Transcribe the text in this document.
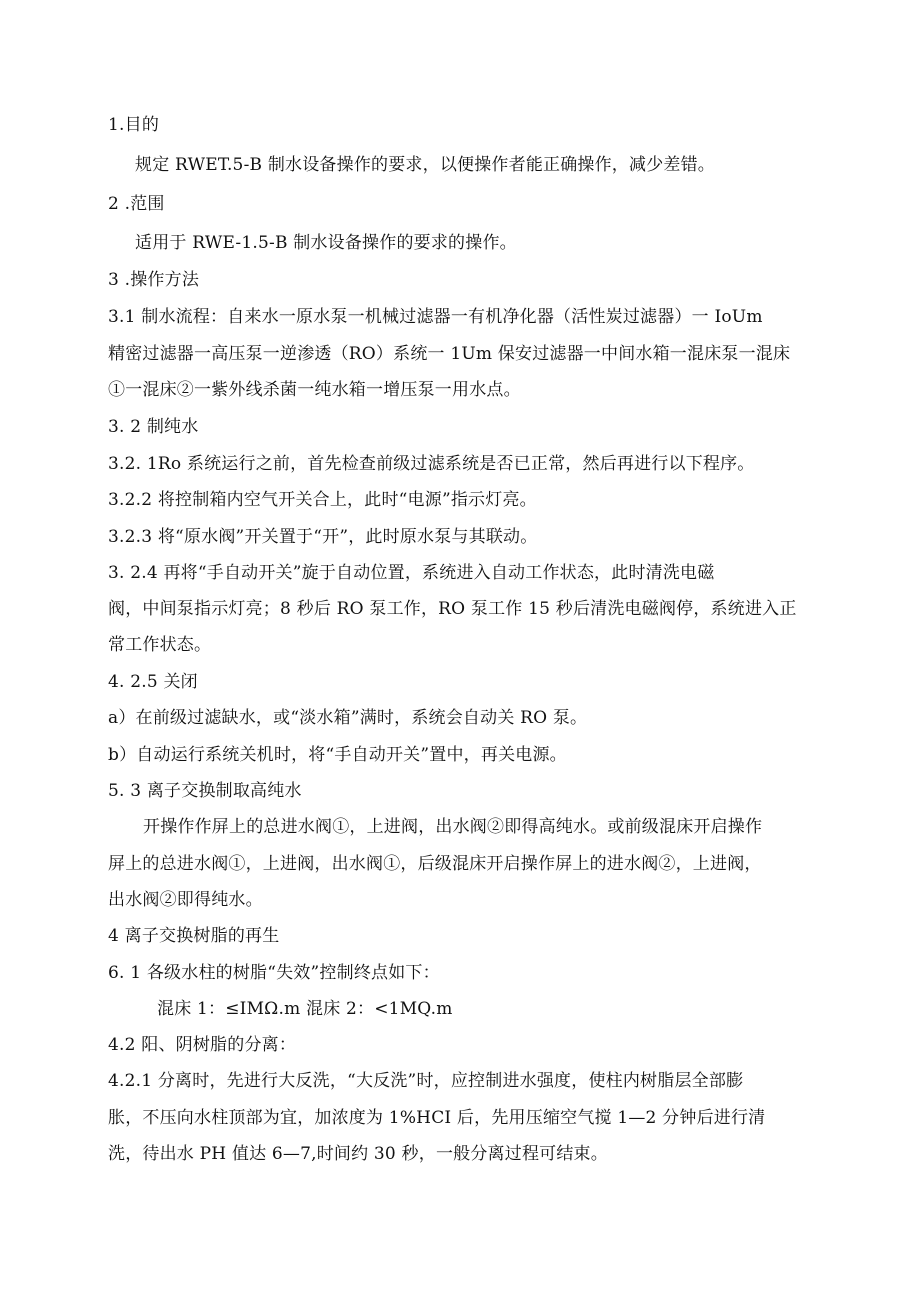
1.目的
规定 RWET.5-B 制水设备操作的要求，以便操作者能正确操作，减少差错。
2 .范围
适用于 RWE-1.5-B 制水设备操作的要求的操作。
3 .操作方法
3.1 制水流程：自来水一原水泵一机械过滤器一有机净化器（活性炭过滤器）一 IoUm
精密过滤器一高压泵一逆渗透（RO）系统一 1Um 保安过滤器一中间水箱一混床泵一混床
①一混床②一紫外线杀菌一纯水箱一增压泵一用水点。
3. 2 制纯水
3.2. 1Ro 系统运行之前，首先检查前级过滤系统是否已正常，然后再进行以下程序。
3.2.2 将控制箱内空气开关合上，此时“电源”指示灯亮。
3.2.3 将“原水阀”开关置于“开”，此时原水泵与其联动。
3. 2.4 再将“手自动开关”旋于自动位置，系统进入自动工作状态，此时清洗电磁
阀，中间泵指示灯亮；8 秒后 RO 泵工作，RO 泵工作 15 秒后清洗电磁阀停，系统进入正
常工作状态。
4. 2.5 关闭
a）在前级过滤缺水，或“淡水箱”满时，系统会自动关 RO 泵。
b）自动运行系统关机时，将“手自动开关”置中，再关电源。
5. 3 离子交换制取高纯水
开操作作屏上的总进水阀①，上进阀，出水阀②即得高纯水。或前级混床开启操作
屏上的总进水阀①，上进阀，出水阀①，后级混床开启操作屏上的进水阀②，上进阀，
出水阀②即得纯水。
4 离子交换树脂的再生
6. 1 各级水柱的树脂“失效”控制终点如下：
混床 1：≤IMΩ.m 混床 2：<1MQ.m
4.2 阳、阴树脂的分离：
4.2.1 分离时，先进行大反洗，“大反洗”时，应控制进水强度，使柱内树脂层全部膨
胀，不压向水柱顶部为宜，加浓度为 1%HCI 后，先用压缩空气搅 1—2 分钟后进行清
洗，待出水 PH 值达 6—7,时间约 30 秒，一般分离过程可结束。
